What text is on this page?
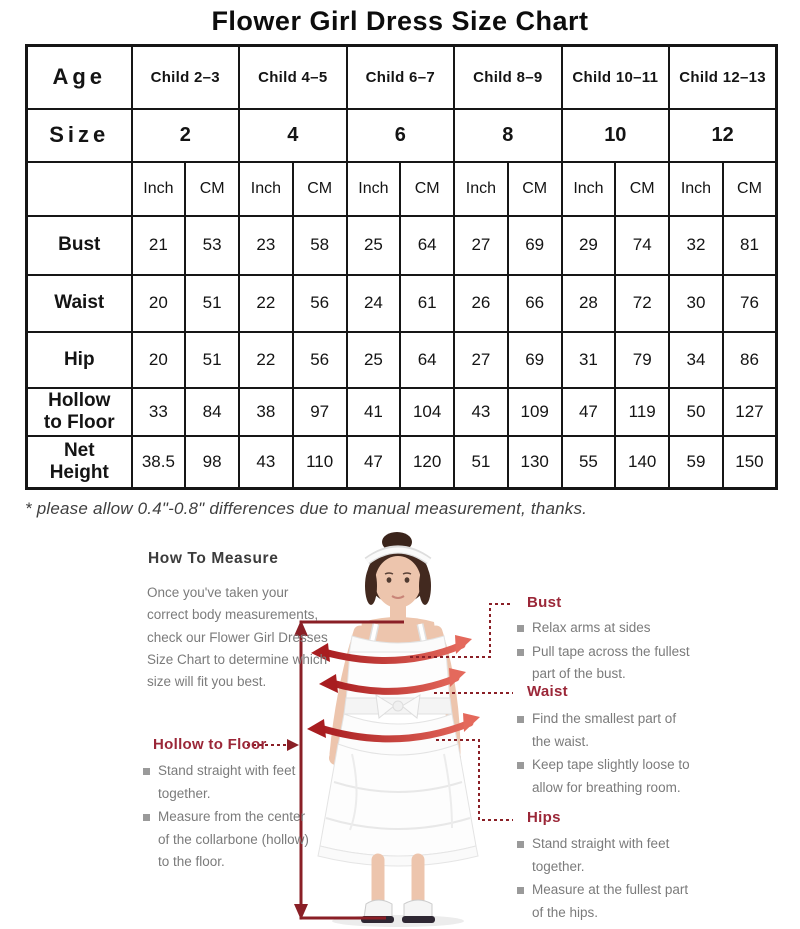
Flower Girl Dress Size Chart
Age	Child 2–3		Child 4–5		Child 6–7		Child 8–9		Child 10–11		Child 12–13	
Size	2		4		6		8		10		12	
	Inch	CM	Inch	CM	Inch	CM	Inch	CM	Inch	CM	Inch	CM
Bust	21	53	23	58	25	64	27	69	29	74	32	81
Waist	20	51	22	56	24	61	26	66	28	72	30	76
Hip	20	51	22	56	25	64	27	69	31	79	34	86
Hollow to Floor	33	84	38	97	41	104	43	109	47	119	50	127
Net Height	38.5	98	43	110	47	120	51	130	55	140	59	150
* please allow 0.4"-0.8" differences due to manual measurement, thanks.
How To Measure
Once you've taken your correct body measurements, check our Flower Girl Dresses Size Chart to determine which size will fit you best.
Hollow to Floor
Stand straight with feet together.
Measure from the center of the collarbone (hollow) to the floor.
Bust
Relax arms at sides
Pull tape across the fullest part of the bust.
Waist
Find the smallest part of the waist.
Keep tape slightly loose to allow for breathing room.
Hips
Stand straight with feet together.
Measure at the fullest part of the hips.
